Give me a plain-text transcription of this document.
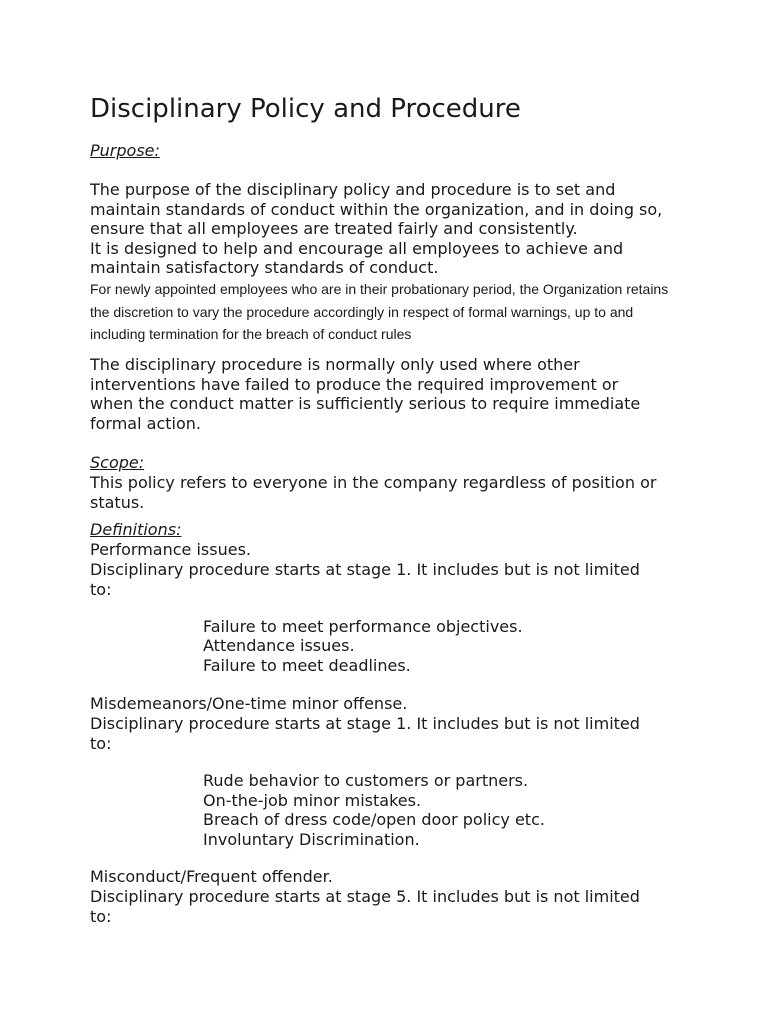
Disciplinary Policy and Procedure

Purpose:

The purpose of the disciplinary policy and procedure is to set and
maintain standards of conduct within the organization, and in doing so,
ensure that all employees are treated fairly and consistently.
It is designed to help and encourage all employees to achieve and
maintain satisfactory standards of conduct.

For newly appointed employees who are in their probationary period, the Organization retains the discretion to vary the procedure accordingly in respect of formal warnings, up to and including termination for the breach of conduct rules

The disciplinary procedure is normally only used where other
interventions have failed to produce the required improvement or
when the conduct matter is sufficiently serious to require immediate
formal action.

Scope:

This policy refers to everyone in the company regardless of position or
status.

Definitions:

Performance issues.

Disciplinary procedure starts at stage 1. It includes but is not limited
to:

Failure to meet performance objectives.
Attendance issues.
Failure to meet deadlines.

Misdemeanors/One-time minor offense.

Disciplinary procedure starts at stage 1. It includes but is not limited
to:

Rude behavior to customers or partners.
On-the-job minor mistakes.
Breach of dress code/open door policy etc.
Involuntary Discrimination.

Misconduct/Frequent offender.

Disciplinary procedure starts at stage 5. It includes but is not limited
to:
